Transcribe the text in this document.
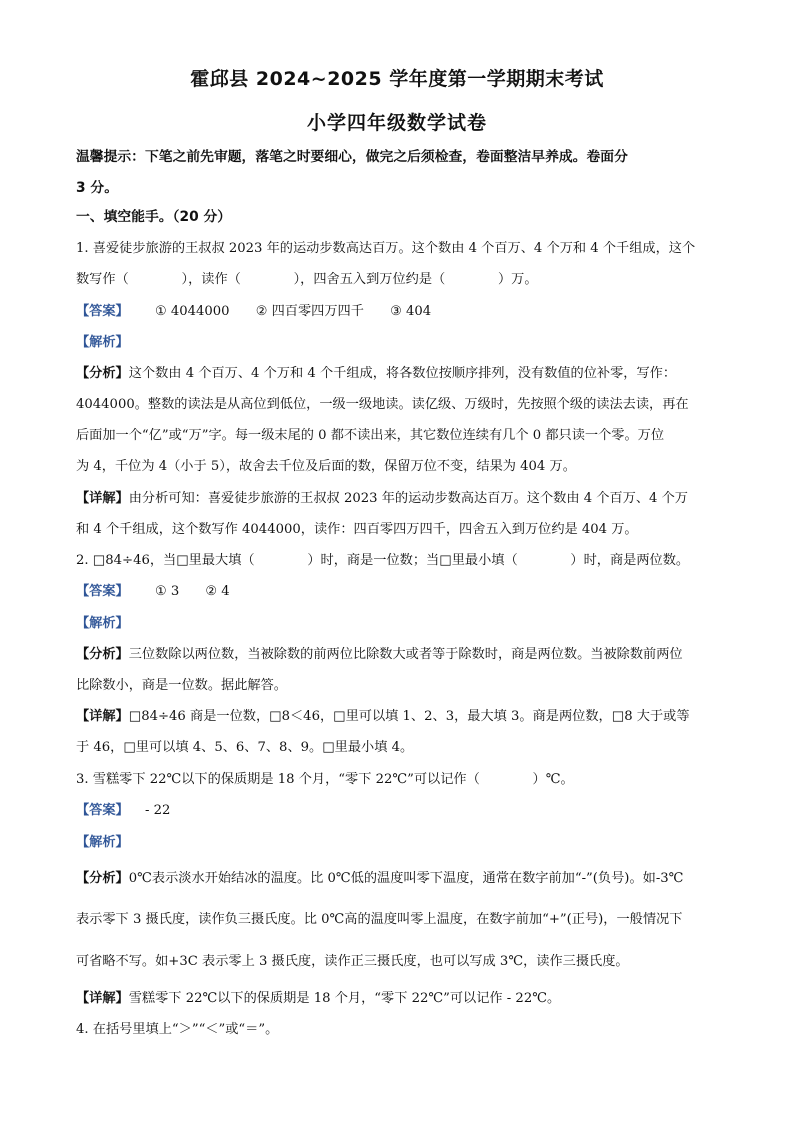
霍邱县 2024~2025 学年度第一学期期末考试
小学四年级数学试卷
温馨提示：下笔之前先审题，落笔之时要细心，做完之后须检查，卷面整洁早养成。卷面分
3 分。
一、填空能手。（20 分）
1. 喜爱徒步旅游的王叔叔 2023 年的运动步数高达百万。这个数由 4 个百万、4 个万和 4 个千组成，这个
数写作（　　　　），读作（　　　　），四舍五入到万位约是（　　　　）万。
【答案】 ① 4044000 ② 四百零四万四千 ③ 404
【解析】
【分析】这个数由 4 个百万、4 个万和 4 个千组成，将各数位按顺序排列，没有数值的位补零，写作：
4044000。整数的读法是从高位到低位，一级一级地读。读亿级、万级时，先按照个级的读法去读，再在
后面加一个“亿”或“万”字。每一级末尾的 0 都不读出来，其它数位连续有几个 0 都只读一个零。万位
为 4，千位为 4（小于 5），故舍去千位及后面的数，保留万位不变，结果为 404 万。
【详解】由分析可知：喜爱徒步旅游的王叔叔 2023 年的运动步数高达百万。这个数由 4 个百万、4 个万
和 4 个千组成，这个数写作 4044000，读作：四百零四万四千，四舍五入到万位约是 404 万。
2. □84÷46，当□里最大填（　　　　）时，商是一位数；当□里最小填（　　　　）时，商是两位数。
【答案】 ① 3 ② 4
【解析】
【分析】三位数除以两位数，当被除数的前两位比除数大或者等于除数时，商是两位数。当被除数前两位
比除数小，商是一位数。据此解答。
【详解】□84÷46 商是一位数，□8＜46，□里可以填 1、2、3，最大填 3。商是两位数，□8 大于或等
于 46，□里可以填 4、5、6、7、8、9。□里最小填 4。
3. 雪糕零下 22℃以下的保质期是 18 个月，“零下 22℃”可以记作（　　　　）℃。
【答案】 - 22
【解析】
【分析】0℃表示淡水开始结冰的温度。比 0℃低的温度叫零下温度，通常在数字前加“-”(负号)。如-3℃
表示零下 3 摄氏度，读作负三摄氏度。比 0℃高的温度叫零上温度，在数字前加“+”(正号)，一般情况下
可省略不写。如+3C 表示零上 3 摄氏度，读作正三摄氏度，也可以写成 3℃，读作三摄氏度。
【详解】雪糕零下 22℃以下的保质期是 18 个月，“零下 22℃”可以记作 - 22℃。
4. 在括号里填上“＞”“＜”或“＝”。
